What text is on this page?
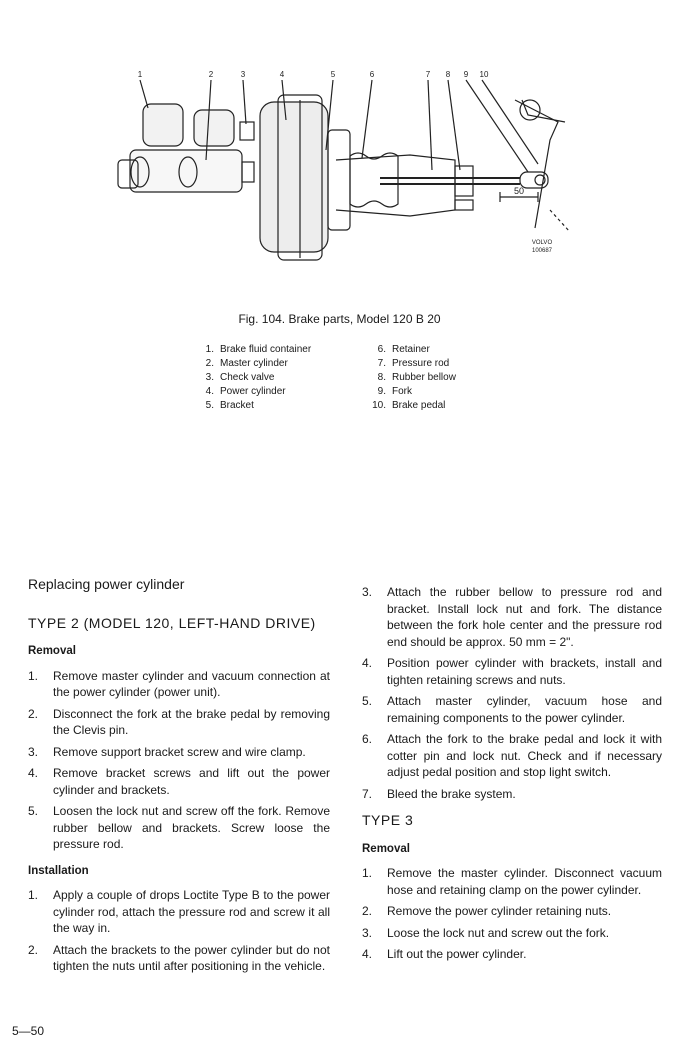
1	2	3	4	5	6	7 8 9 10
50
VOLVO
100687
Fig. 104. Brake parts, Model 120 B 20
1. Brake fluid container
2. Master cylinder
3. Check valve
4. Power cylinder
5. Bracket
6. Retainer
7. Pressure rod
8. Rubber bellow
9. Fork
10. Brake pedal
Replacing power cylinder
TYPE 2 (MODEL 120, LEFT-HAND DRIVE)
Removal
1.	Remove master cylinder and vacuum connection at the power cylinder (power unit).
2.	Disconnect the fork at the brake pedal by removing the Clevis pin.
3.	Remove support bracket screw and wire clamp.
4.	Remove bracket screws and lift out the power cylinder and brackets.
5.	Loosen the lock nut and screw off the fork. Remove rubber bellow and brackets. Screw loose the pressure rod.
Installation
1.	Apply a couple of drops Loctite Type B to the power cylinder rod, attach the pressure rod and screw it all the way in.
2.	Attach the brackets to the power cylinder but do not tighten the nuts until after positioning in the vehicle.
3.	Attach the rubber bellow to pressure rod and bracket. Install lock nut and fork. The distance between the fork hole center and the pressure rod end should be approx. 50 mm = 2".
4.	Position power cylinder with brackets, install and tighten retaining screws and nuts.
5.	Attach master cylinder, vacuum hose and remaining components to the power cylinder.
6.	Attach the fork to the brake pedal and lock it with cotter pin and lock nut. Check and if necessary adjust pedal position and stop light switch.
7.	Bleed the brake system.
TYPE 3
Removal
1.	Remove the master cylinder. Disconnect vacuum hose and retaining clamp on the power cylinder.
2.	Remove the power cylinder retaining nuts.
3.	Loose the lock nut and screw out the fork.
4.	Lift out the power cylinder.
5—50
